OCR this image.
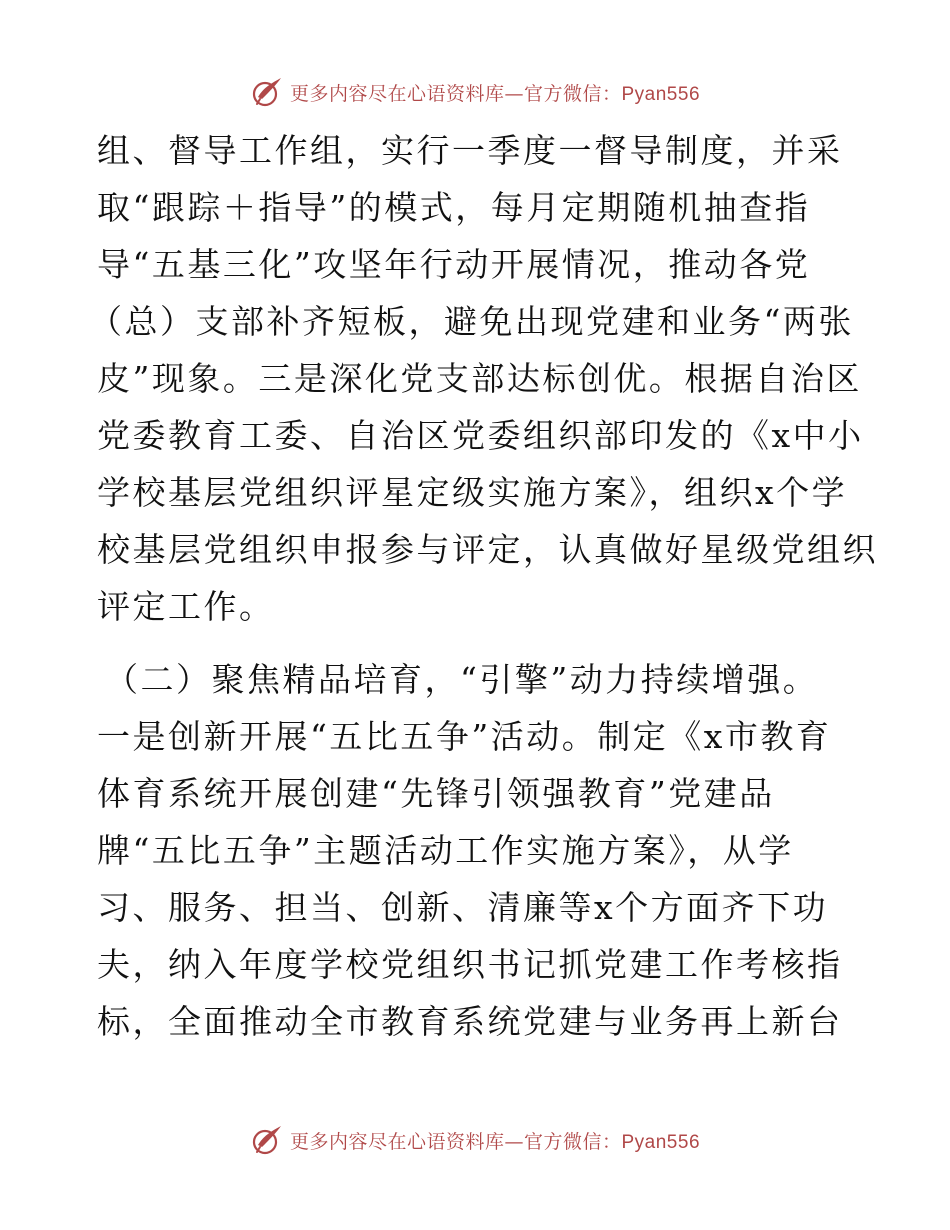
更多内容尽在心语资料库—官方微信：Pyan556
组、督导工作组，实行一季度一督导制度，并采
取“跟踪＋指导”的模式，每月定期随机抽查指
导“五基三化”攻坚年行动开展情况，推动各党
（总）支部补齐短板，避免出现党建和业务“两张
皮”现象。三是深化党支部达标创优。根据自治区
党委教育工委、自治区党委组织部印发的《x中小
学校基层党组织评星定级实施方案》，组织x个学
校基层党组织申报参与评定，认真做好星级党组织
评定工作。
（二）聚焦精品培育，“引擎”动力持续增强。
一是创新开展“五比五争”活动。制定《x市教育
体育系统开展创建“先锋引领强教育”党建品
牌“五比五争”主题活动工作实施方案》，从学
习、服务、担当、创新、清廉等x个方面齐下功
夫，纳入年度学校党组织书记抓党建工作考核指
标，全面推动全市教育系统党建与业务再上新台
更多内容尽在心语资料库—官方微信：Pyan556
